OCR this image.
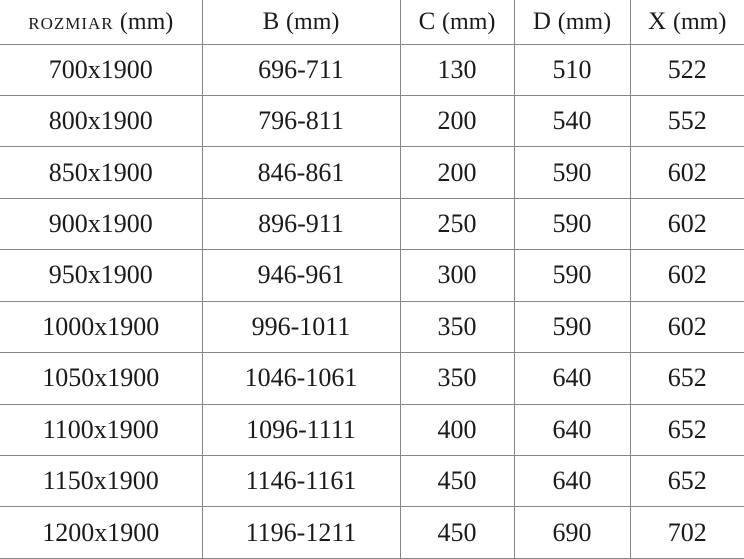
ROZMIAR (mm)	B (mm)	C (mm)	D (mm)	X (mm)
700x1900	696-711	130	510	522
800x1900	796-811	200	540	552
850x1900	846-861	200	590	602
900x1900	896-911	250	590	602
950x1900	946-961	300	590	602
1000x1900	996-1011	350	590	602
1050x1900	1046-1061	350	640	652
1100x1900	1096-1111	400	640	652
1150x1900	1146-1161	450	640	652
1200x1900	1196-1211	450	690	702
